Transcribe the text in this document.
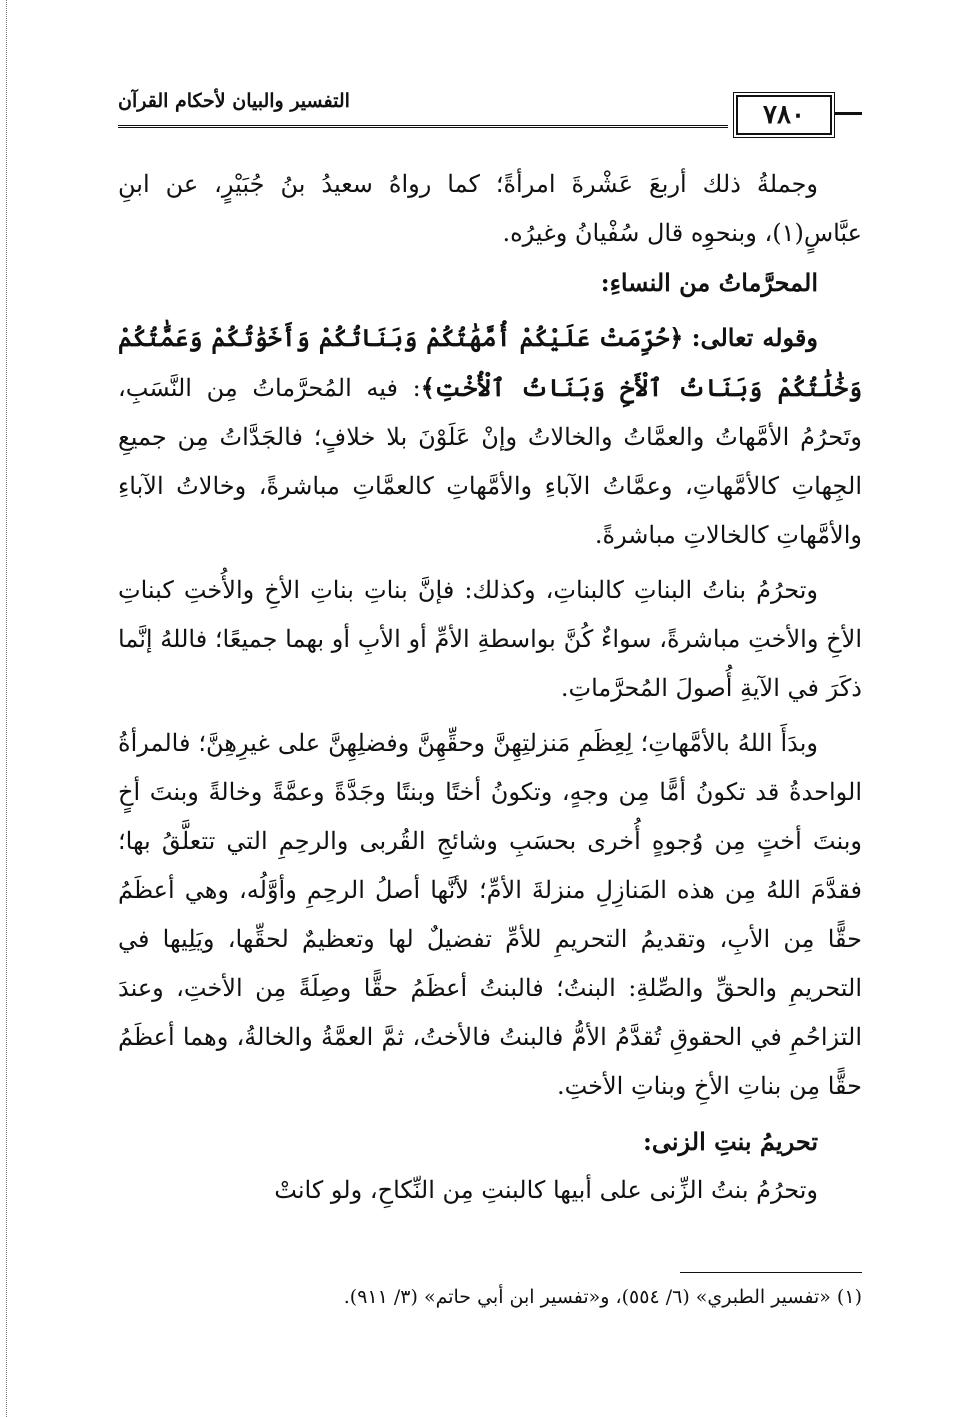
التفسير والبيان لأحكام القرآن	٧٨٠

وجملةُ ذلك أربعَ عَشْرةَ امرأةً؛ كما رواهُ سعيدُ بنُ جُبَيْرٍ، عن ابنِ عبَّاسٍ(١)، وبنحوِه قال سُفْيانُ وغيرُه.

المحرَّماتُ من النساءِ:

وقوله تعالى: ﴿حُرِّمَتْ عَلَيْكُمْ أُمَّهَٰتُكُمْ وَبَنَاتُكُمْ وَأَخَوَٰتُكُمْ وَعَمَّٰتُكُمْ وَخَٰلَٰتُكُمْ وَبَنَاتُ ٱلْأَخِ وَبَنَاتُ ٱلْأُخْتِ﴾: فيه المُحرَّماتُ مِن النَّسَبِ، وتَحرُمُ الأمَّهاتُ والعمَّاتُ والخالاتُ وإنْ عَلَوْنَ بلا خلافٍ؛ فالجَدَّاتُ مِن جميعِ الجِهاتِ كالأمَّهاتِ، وعمَّاتُ الآباءِ والأمَّهاتِ كالعمَّاتِ مباشرةً، وخالاتُ الآباءِ والأمَّهاتِ كالخالاتِ مباشرةً.

وتحرُمُ بناتُ البناتِ كالبناتِ، وكذلك: فإنَّ بناتِ بناتِ الأخِ والأُختِ كبناتِ الأخِ والأختِ مباشرةً، سواءٌ كُنَّ بواسطةِ الأمِّ أو الأبِ أو بهما جميعًا؛ فاللهُ إنَّما ذكَرَ في الآيةِ أُصولَ المُحرَّماتِ.

وبدَأَ اللهُ بالأمَّهاتِ؛ لِعِظَمِ مَنزلتِهِنَّ وحقِّهِنَّ وفضلِهِنَّ على غيرِهِنَّ؛ فالمرأةُ الواحدةُ قد تكونُ أمًّا مِن وجهٍ، وتكونُ أختًا وبنتًا وجَدَّةً وعمَّةً وخالةً وبنتَ أخٍ وبنتَ أختٍ مِن وُجوهٍ أُخرى بحسَبِ وشائجِ القُربى والرحِمِ التي تتعلَّقُ بها؛ فقدَّمَ اللهُ مِن هذه المَنازِلِ منزلةَ الأمِّ؛ لأنَّها أصلُ الرحِمِ وأوَّلُه، وهي أعظَمُ حقًّا مِن الأبِ، وتقديمُ التحريمِ للأمِّ تفضيلٌ لها وتعظيمٌ لحقِّها، ويَلِيها في التحريمِ والحقِّ والصِّلةِ: البنتُ؛ فالبنتُ أعظَمُ حقًّا وصِلَةً مِن الأختِ، وعندَ التزاحُمِ في الحقوقِ تُقدَّمُ الأمُّ فالبنتُ فالأختُ، ثمَّ العمَّةُ والخالةُ، وهما أعظَمُ حقًّا مِن بناتِ الأخِ وبناتِ الأختِ.

تحريمُ بنتِ الزنى:

وتحرُمُ بنتُ الزِّنى على أبيها كالبنتِ مِن النِّكاحِ، ولو كانتْ

(١) «تفسير الطبري» (٦/ ٥٥٤)، و«تفسير ابن أبي حاتم» (٣/ ٩١١).
